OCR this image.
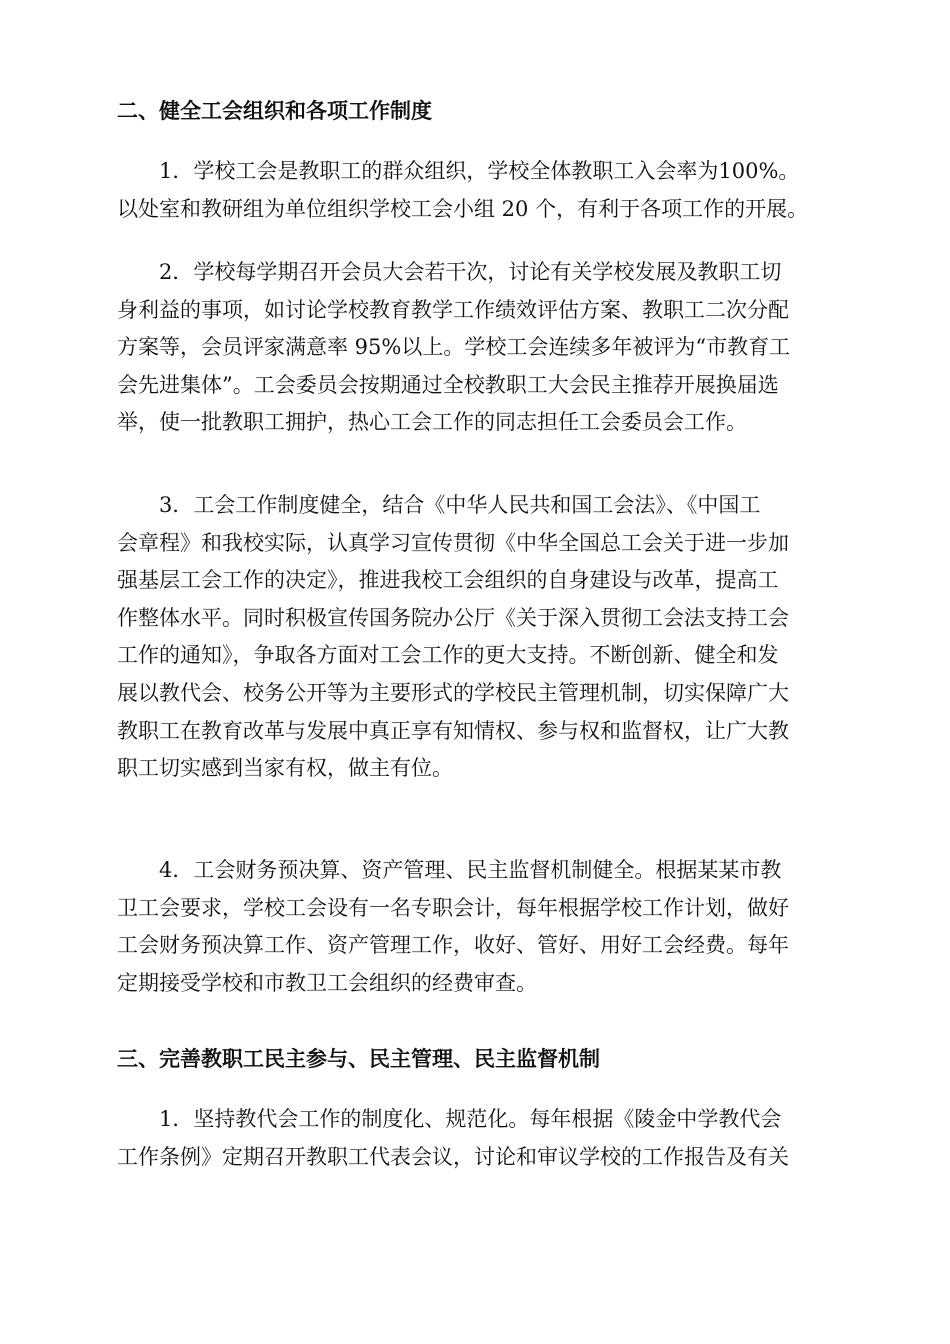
二、健全工会组织和各项工作制度
1．学校工会是教职工的群众组织，学校全体教职工入会率为100%。
以处室和教研组为单位组织学校工会小组 20 个，有利于各项工作的开展。
2．学校每学期召开会员大会若干次，讨论有关学校发展及教职工切
身利益的事项，如讨论学校教育教学工作绩效评估方案、教职工二次分配
方案等，会员评家满意率 95%以上。学校工会连续多年被评为“市教育工
会先进集体”。工会委员会按期通过全校教职工大会民主推荐开展换届选
举，使一批教职工拥护，热心工会工作的同志担任工会委员会工作。
3．工会工作制度健全，结合《中华人民共和国工会法》、《中国工
会章程》和我校实际，认真学习宣传贯彻《中华全国总工会关于进一步加
强基层工会工作的决定》，推进我校工会组织的自身建设与改革，提高工
作整体水平。同时积极宣传国务院办公厅《关于深入贯彻工会法支持工会
工作的通知》，争取各方面对工会工作的更大支持。不断创新、健全和发
展以教代会、校务公开等为主要形式的学校民主管理机制，切实保障广大
教职工在教育改革与发展中真正享有知情权、参与权和监督权，让广大教
职工切实感到当家有权，做主有位。
4．工会财务预决算、资产管理、民主监督机制健全。根据某某市教
卫工会要求，学校工会设有一名专职会计，每年根据学校工作计划，做好
工会财务预决算工作、资产管理工作，收好、管好、用好工会经费。每年
定期接受学校和市教卫工会组织的经费审查。
三、完善教职工民主参与、民主管理、民主监督机制
1．坚持教代会工作的制度化、规范化。每年根据《陵金中学教代会
工作条例》定期召开教职工代表会议，讨论和审议学校的工作报告及有关
